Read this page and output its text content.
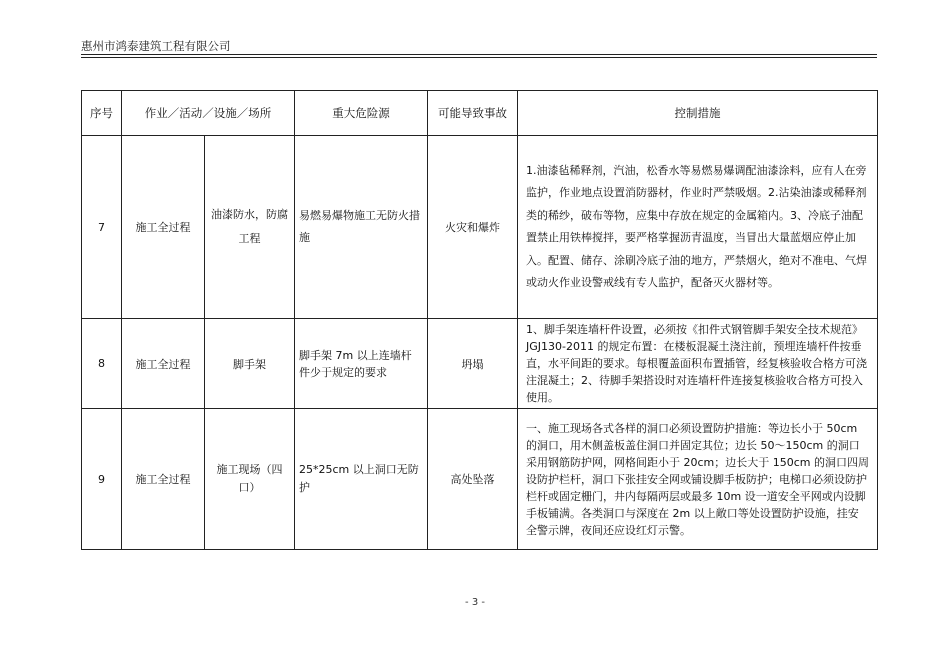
惠州市鸿泰建筑工程有限公司
序号	作业／活动／设施／场所		重大危险源	可能导致事故	控制措施
7	施工全过程	油漆防水，防腐工程	易燃易爆物施工无防火措施	火灾和爆炸	1.油漆毡稀释剂，汽油，松香水等易燃易爆调配油漆涂料，应有人在旁监护，作业地点设置消防器材，作业时严禁吸烟。2.沾染油漆或稀释剂类的稀纱，破布等物，应集中存放在规定的金属箱内。3、冷底子油配置禁止用铁棒搅拌，要严格掌握沥青温度，当冒出大量蓝烟应停止加入。配置、储存、涂刷冷底子油的地方，严禁烟火，绝对不准电、气焊或动火作业设警戒线有专人监护，配备灭火器材等。
8	施工全过程	脚手架	脚手架 7m 以上连墙杆件少于规定的要求	坍塌	1、脚手架连墙杆件设置，必须按《扣件式钢管脚手架安全技术规范》JGJ130-2011 的规定布置：在楼板混凝土浇注前，预埋连墙杆件按垂直，水平间距的要求。每根覆盖面积布置插管，经复核验收合格方可浇注混凝土；2、待脚手架搭设时对连墙杆件连接复核验收合格方可投入使用。
9	施工全过程	施工现场（四口）	25*25cm 以上洞口无防护	高处坠落	一、施工现场各式各样的洞口必须设置防护措施：等边长小于 50cm 的洞口，用木侧盖板盖住洞口并固定其位；边长 50～150cm 的洞口采用钢筋防护网，网格间距小于 20cm；边长大于 150cm 的洞口四周设防护栏杆，洞口下张挂安全网或铺设脚手板防护；电梯口必须设防护栏杆或固定栅门，井内每隔两层或最多 10m 设一道安全平网或内设脚手板铺满。各类洞口与深度在 2m 以上敞口等处设置防护设施，挂安全警示牌，夜间还应设红灯示警。
- 3 -
